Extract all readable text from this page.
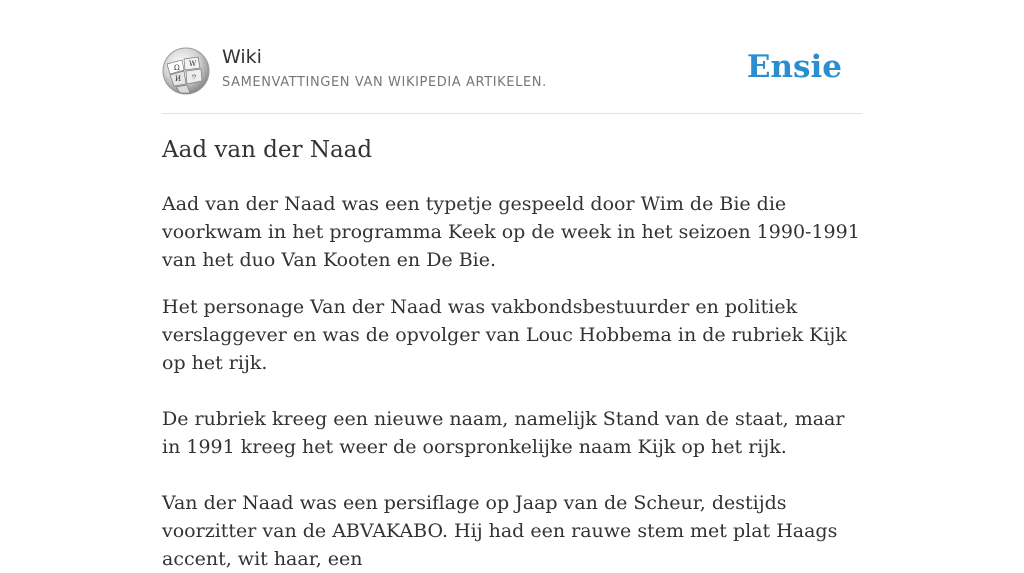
Ω W
И ウ
Wiki
SAMENVATTINGEN VAN WIKIPEDIA ARTIKELEN.	Ensie
Aad van der Naad

Aad van der Naad was een typetje gespeeld door Wim de Bie die voorkwam in het programma Keek op de week in het seizoen 1990-1991 van het duo Van Kooten en De Bie.

Het personage Van der Naad was vakbondsbestuurder en politiek verslaggever en was de opvolger van Louc Hobbema in de rubriek Kijk op het rijk.

De rubriek kreeg een nieuwe naam, namelijk Stand van de staat, maar in 1991 kreeg het weer de oorspronkelijke naam Kijk op het rijk.

Van der Naad was een persiflage op Jaap van de Scheur, destijds voorzitter van de ABVAKABO. Hij had een rauwe stem met plat Haags accent, wit haar, een
